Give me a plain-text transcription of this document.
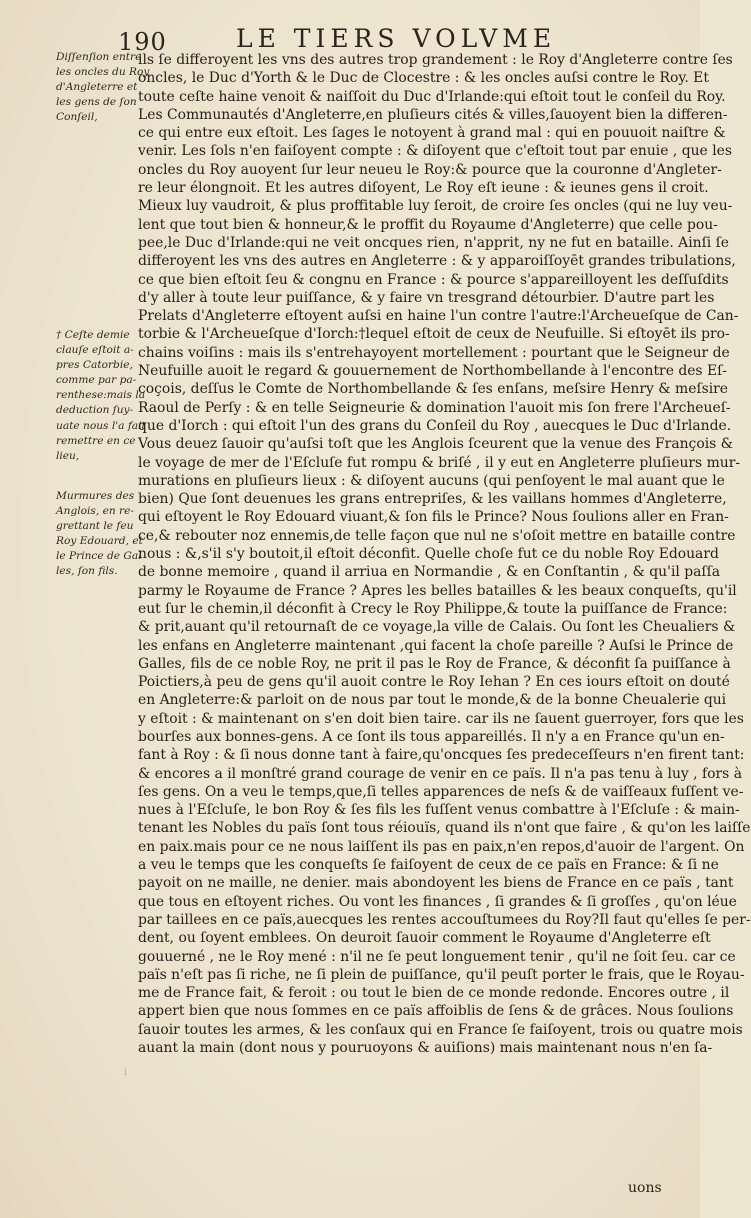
190	LE TIERS VOLVME
Diſſenſion entre
les oncles du Roy
d'Angleterre et
les gens de ſon
Conſeil,
† Ceſte demie
clauſe eſtoit a-
pres Catorbie,
comme par pa-
renthese:mais la
deduction ſuy-
uate nous l'a fait
remettre en ce
lieu,
Murmures des
Anglois, en re-
grettant le feu
Roy Edouard, et
le Prince de Gal
les, ſon fils.
ils ſe differoyent les vns des autres trop grandement : le Roy d'Angleterre contre ſes
oncles, le Duc d'Yorth & le Duc de Clocestre : & les oncles auſsi contre le Roy. Et
toute ceſte haine venoit & naiſſoit du Duc d'Irlande:qui eſtoit tout le conſeil du Roy.
Les Communautés d'Angleterre,en pluſieurs cités & villes,ſauoyent bien la differen-
ce qui entre eux eſtoit. Les ſages le notoyent à grand mal : qui en pouuoit naiſtre &
venir. Les ſols n'en faiſoyent compte : & diſoyent que c'eſtoit tout par enuie , que les
oncles du Roy auoyent ſur leur neueu le Roy:& pource que la couronne d'Angleter-
re leur élongnoit. Et les autres diſoyent, Le Roy eſt ieune : & ieunes gens il croit.
Mieux luy vaudroit, & plus proffitable luy ſeroit, de croire ſes oncles (qui ne luy veu-
lent que tout bien & honneur,& le proffit du Royaume d'Angleterre) que celle pou-
pee,le Duc d'Irlande:qui ne veit oncques rien, n'apprit, ny ne fut en bataille. Ainſi ſe
differoyent les vns des autres en Angleterre : & y apparoiſſoyēt grandes tribulations,
ce que bien eſtoit ſeu & congnu en France : & pource s'appareilloyent les deſſuſdits
d'y aller à toute leur puiſſance, & y faire vn tresgrand détourbier. D'autre part les
Prelats d'Angleterre eſtoyent auſsi en haine l'un contre l'autre:l'Archeueſque de Can-
torbie & l'Archeueſque d'Iorch:†lequel eſtoit de ceux de Neufuille. Si eſtoyēt ils pro-
chains voiſins : mais ils s'entrehayoyent mortellement : pourtant que le Seigneur de
Neufuille auoit le regard & gouuernement de Northombellande à l'encontre des Eſ-
coçois, deſſus le Comte de Northombellande & ſes enſans, meſsire Henry & meſsire
Raoul de Perſy : & en telle Seigneurie & domination l'auoit mis ſon frere l'Archeueſ-
que d'Iorch : qui eſtoit l'un des grans du Conſeil du Roy , auecques le Duc d'Irlande.
Vous deuez ſauoir qu'auſsi toſt que les Anglois ſceurent que la venue des François &
le voyage de mer de l'Eſcluſe fut rompu & briſé , il y eut en Angleterre pluſieurs mur-
murations en pluſieurs lieux : & diſoyent aucuns (qui penſoyent le mal auant que le
bien) Que ſont deuenues les grans entrepriſes, & les vaillans hommes d'Angleterre,
qui eſtoyent le Roy Edouard viuant,& ſon fils le Prince? Nous ſoulions aller en Fran-
ce,& rebouter noz ennemis,de telle façon que nul ne s'oſoit mettre en bataille contre
nous : &,s'il s'y boutoit,il eſtoit déconfit. Quelle choſe fut ce du noble Roy Edouard
de bonne memoire , quand il arriua en Normandie , & en Conſtantin , & qu'il paſſa
parmy le Royaume de France ? Apres les belles batailles & les beaux conqueſts, qu'il
eut ſur le chemin,il déconfit à Crecy le Roy Philippe,& toute la puiſſance de France:
& prit,auant qu'il retournaſt de ce voyage,la ville de Calais. Ou ſont les Cheualiers &
les enfans en Angleterre maintenant ,qui facent la choſe pareille ? Auſsi le Prince de
Galles, fils de ce noble Roy, ne prit il pas le Roy de France, & déconfit ſa puiſſance à
Poictiers,à peu de gens qu'il auoit contre le Roy Iehan ? En ces iours eſtoit on douté
en Angleterre:& parloit on de nous par tout le monde,& de la bonne Cheualerie qui
y eſtoit : & maintenant on s'en doit bien taire. car ils ne ſauent guerroyer, fors que les
bourſes aux bonnes-gens. A ce ſont ils tous appareillés. Il n'y a en France qu'un en-
fant à Roy : & ſi nous donne tant à faire,qu'oncques ſes predeceſſeurs n'en firent tant:
& encores a il monſtré grand courage de venir en ce païs. Il n'a pas tenu à luy , fors à
ſes gens. On a veu le temps,que,ſi telles apparences de neſs & de vaiſſeaux fuſſent ve-
nues à l'Eſcluſe, le bon Roy & ſes fils les fuſſent venus combattre à l'Eſcluſe : & main-
tenant les Nobles du païs ſont tous réiouïs, quand ils n'ont que faire , & qu'on les laiſſe
en paix.mais pour ce ne nous laiſſent ils pas en paix,n'en repos,d'auoir de l'argent. On
a veu le temps que les conqueſts ſe faiſoyent de ceux de ce païs en France: & ſi ne
payoit on ne maille, ne denier. mais abondoyent les biens de France en ce païs , tant
que tous en eſtoyent riches. Ou vont les finances , ſi grandes & ſi groſſes , qu'on léue
par taillees en ce païs,auecques les rentes accouſtumees du Roy?Il faut qu'elles ſe per-
dent, ou ſoyent emblees. On deuroit ſauoir comment le Royaume d'Angleterre eſt
gouuerné , ne le Roy mené : n'il ne ſe peut longuement tenir , qu'il ne ſoit ſeu. car ce
païs n'eſt pas ſi riche, ne ſi plein de puiſſance, qu'il peuſt porter le frais, que le Royau-
me de France fait, & feroit : ou tout le bien de ce monde redonde. Encores outre , il
appert bien que nous ſommes en ce païs affoiblis de ſens & de grâces. Nous ſoulions
ſauoir toutes les armes, & les conſaux qui en France ſe faiſoyent, trois ou quatre mois
auant la main (dont nous y pouruoyons & auiſions) mais maintenant nous n'en ſa-
i
uons
